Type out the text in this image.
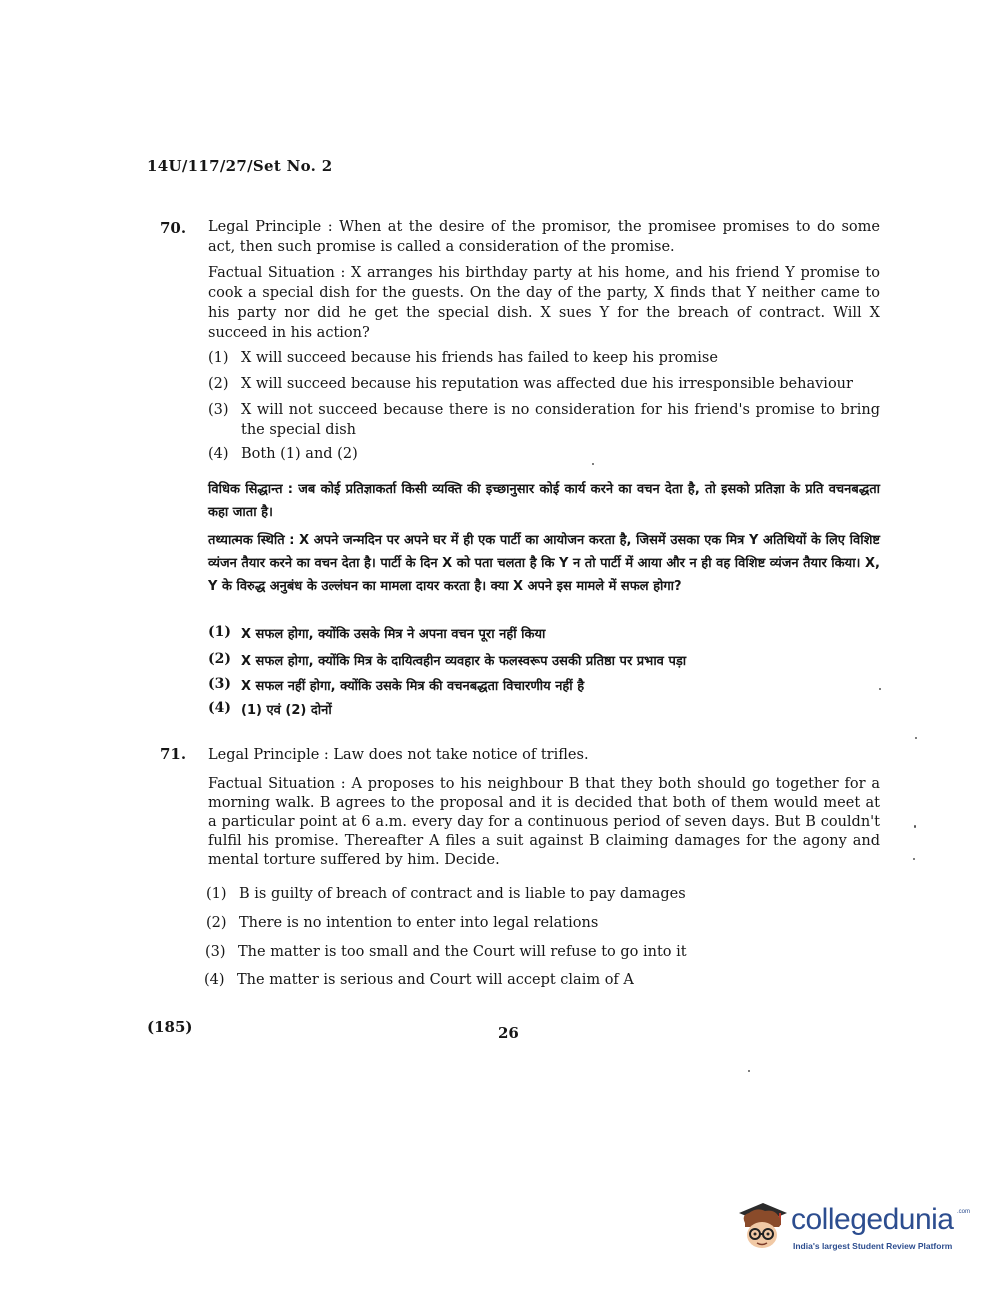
14U/117/27/Set No. 2
70. Legal Principle : When at the desire of the promisor, the promisee promises to do some act, then such promise is called a consideration of the promise.
Factual Situation : X arranges his birthday party at his home, and his friend Y promise to cook a special dish for the guests. On the day of the party, X finds that Y neither came to his party nor did he get the special dish. X sues Y for the breach of contract. Will X succeed in his action?
(1) X will succeed because his friends has failed to keep his promise
(2) X will succeed because his reputation was affected due his irresponsible behaviour
(3) X will not succeed because there is no consideration for his friend's promise to bring the special dish
(4) Both (1) and (2)
विधिक सिद्धान्त : जब कोई प्रतिज्ञाकर्ता किसी व्यक्ति की इच्छानुसार कोई कार्य करने का वचन देता है, तो इसको प्रतिज्ञा के प्रति वचनबद्धता कहा जाता है।
तथ्यात्मक स्थिति : X अपने जन्मदिन पर अपने घर में ही एक पार्टी का आयोजन करता है, जिसमें उसका एक मित्र Y अतिथियों के लिए विशिष्ट व्यंजन तैयार करने का वचन देता है। पार्टी के दिन X को पता चलता है कि Y न तो पार्टी में आया और न ही वह विशिष्ट व्यंजन तैयार किया। X, Y के विरुद्ध अनुबंध के उल्लंघन का मामला दायर करता है। क्या X अपने इस मामले में सफल होगा?
(1) X सफल होगा, क्योंकि उसके मित्र ने अपना वचन पूरा नहीं किया
(2) X सफल होगा, क्योंकि मित्र के दायित्वहीन व्यवहार के फलस्वरूप उसकी प्रतिष्ठा पर प्रभाव पड़ा
(3) X सफल नहीं होगा, क्योंकि उसके मित्र की वचनबद्धता विचारणीय नहीं है
(4) (1) एवं (2) दोनों
71. Legal Principle : Law does not take notice of trifles.
Factual Situation : A proposes to his neighbour B that they both should go together for a morning walk. B agrees to the proposal and it is decided that both of them would meet at a particular point at 6 a.m. every day for a continuous period of seven days. But B couldn't fulfil his promise. Thereafter A files a suit against B claiming damages for the agony and mental torture suffered by him. Decide.
(1) B is guilty of breach of contract and is liable to pay damages
(2) There is no intention to enter into legal relations
(3) The matter is too small and the Court will refuse to go into it
(4) The matter is serious and Court will accept claim of A
(185)	26
collegedunia .com
India's largest Student Review Platform
